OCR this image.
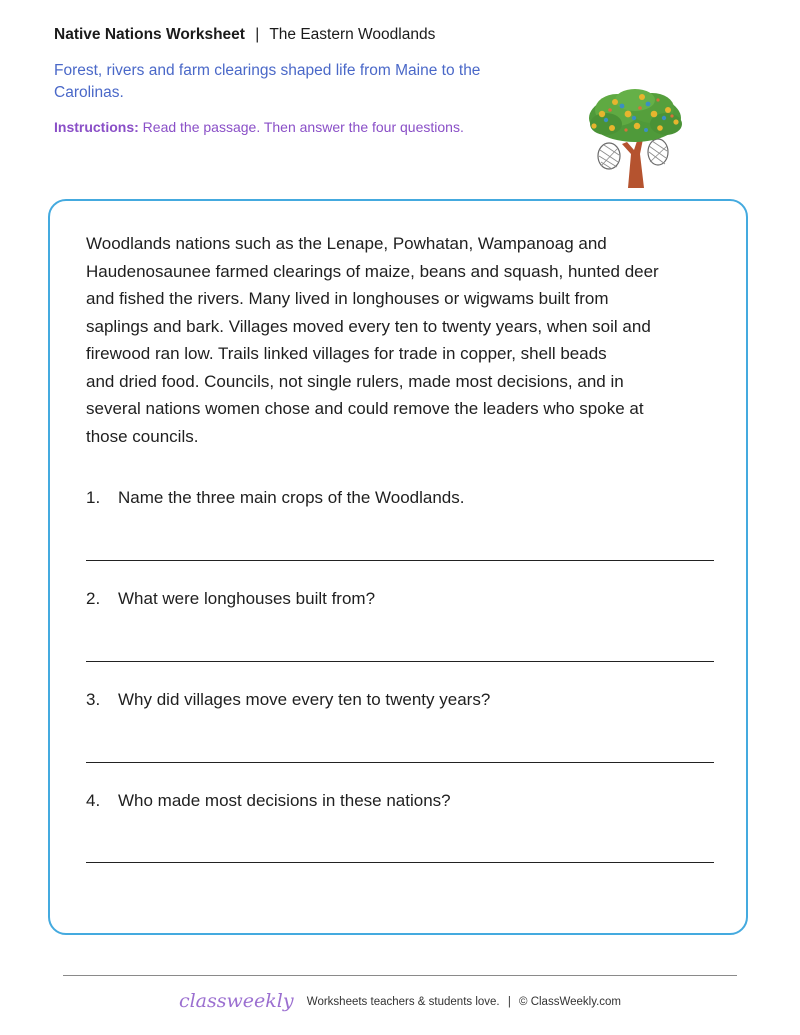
Native Nations Worksheet | The Eastern Woodlands
Forest, rivers and farm clearings shaped life from Maine to the Carolinas.
Instructions: Read the passage. Then answer the four questions.
Woodlands nations such as the Lenape, Powhatan, Wampanoag and
Haudenosaunee farmed clearings of maize, beans and squash, hunted deer
and fished the rivers. Many lived in longhouses or wigwams built from
saplings and bark. Villages moved every ten to twenty years, when soil and
firewood ran low. Trails linked villages for trade in copper, shell beads
and dried food. Councils, not single rulers, made most decisions, and in
several nations women chose and could remove the leaders who spoke at
those councils.
1. Name the three main crops of the Woodlands.
2. What were longhouses built from?
3. Why did villages move every ten to twenty years?
4. Who made most decisions in these nations?
classweekly Worksheets teachers & students love. | © ClassWeekly.com
